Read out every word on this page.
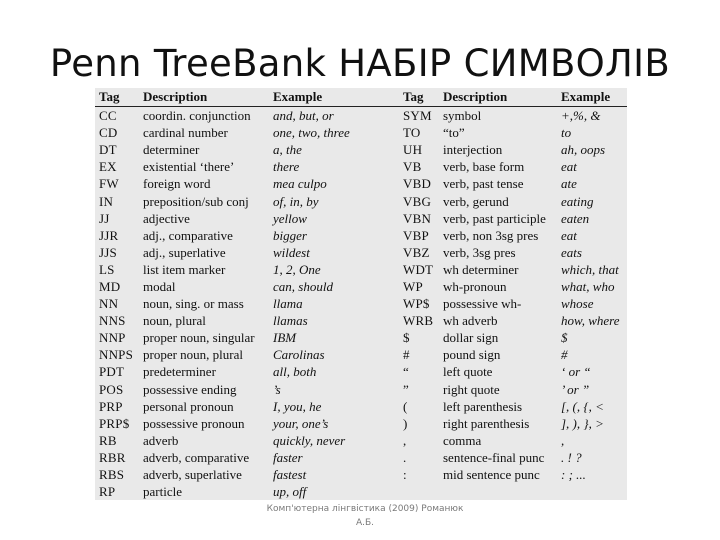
Penn TreeBank НАБІР СИМВОЛІВ
Tag	Description	Example	Tag	Description	Example
CC	coordin. conjunction	and, but, or	SYM	symbol	+,%, &
CD	cardinal number	one, two, three	TO	“to”	to
DT	determiner	a, the	UH	interjection	ah, oops
EX	existential ‘there’	there	VB	verb, base form	eat
FW	foreign word	mea culpo	VBD	verb, past tense	ate
IN	preposition/sub conj	of, in, by	VBG	verb, gerund	eating
JJ	adjective	yellow	VBN	verb, past participle	eaten
JJR	adj., comparative	bigger	VBP	verb, non 3sg pres	eat
JJS	adj., superlative	wildest	VBZ	verb, 3sg pres	eats
LS	list item marker	1, 2, One	WDT	wh determiner	which, that
MD	modal	can, should	WP	wh-pronoun	what, who
NN	noun, sing. or mass	llama	WP$	possessive wh-	whose
NNS	noun, plural	llamas	WRB	wh adverb	how, where
NNP	proper noun, singular	IBM	$	dollar sign	$
NNPS	proper noun, plural	Carolinas	#	pound sign	#
PDT	predeterminer	all, both	“	left quote	‘ or “
POS	possessive ending	’s	”	right quote	’ or ”
PRP	personal pronoun	I, you, he	(	left parenthesis	[, (, {, <
PRP$	possessive pronoun	your, one’s	)	right parenthesis	], ), }, >
RB	adverb	quickly, never	,	comma	,
RBR	adverb, comparative	faster	.	sentence-final punc	. ! ?
RBS	adverb, superlative	fastest	:	mid sentence punc	: ; ...
RP	particle	up, off			
Комп'ютерна лінгвістика (2009) Романюк
А.Б.
